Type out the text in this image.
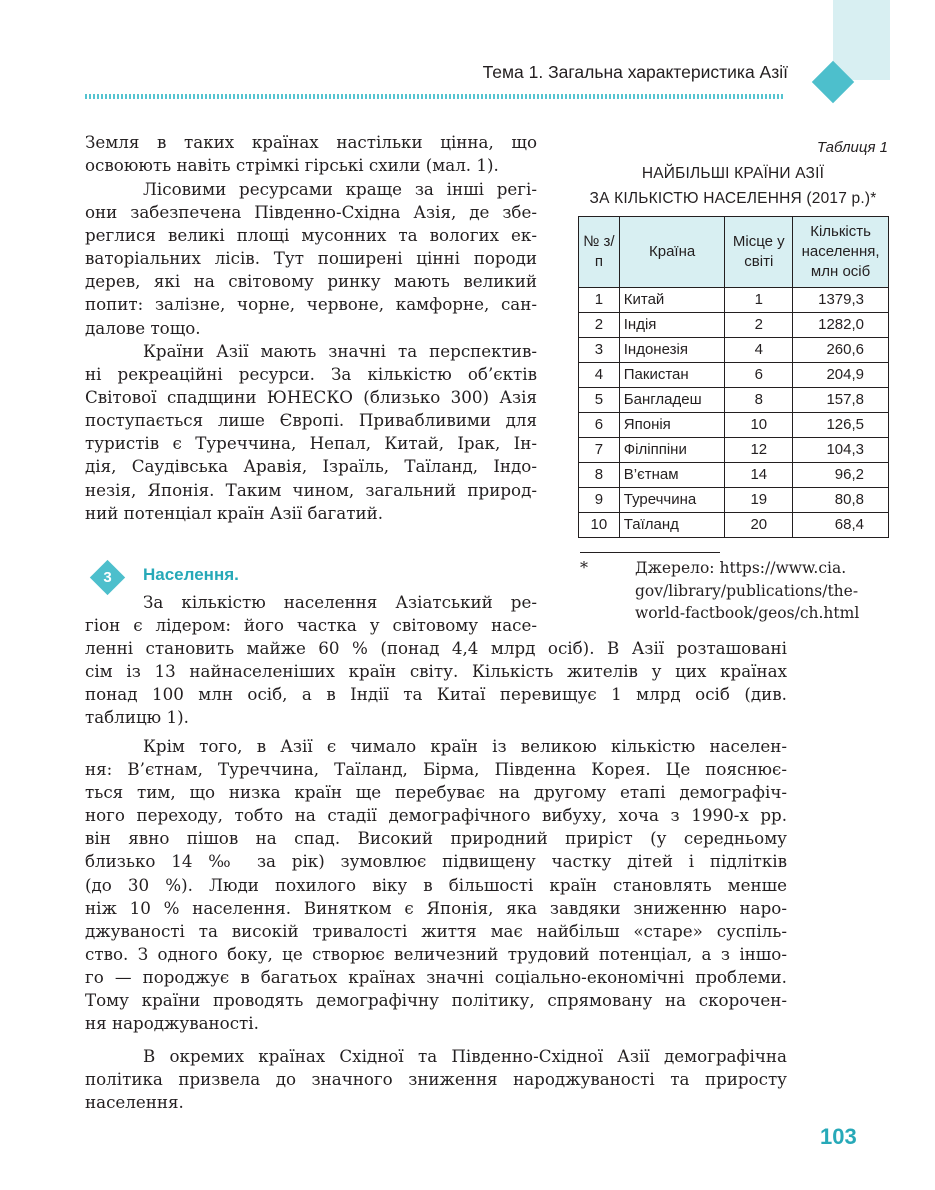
Тема 1. Загальна характеристика Азії
Земля в таких країнах настільки цінна, що
освоюють навіть стрімкі гірські схили (мал. 1).
Лісовими ресурсами краще за інші регі-
они забезпечена Південно-Східна Азія, де збе-
реглися великі площі мусонних та вологих ек-
ваторіальних лісів. Тут поширені цінні породи
дерев, які на світовому ринку мають великий
попит: залізне, чорне, червоне, камфорне, сан-
далове тощо.
Країни Азії мають значні та перспектив-
ні рекреаційні ресурси. За кількістю об’єктів
Світової спадщини ЮНЕСКО (близько 300) Азія
поступається лише Європі. Привабливими для
туристів є Туреччина, Непал, Китай, Ірак, Ін-
дія, Саудівська Аравія, Ізраїль, Таїланд, Індо-
незія, Японія. Таким чином, загальний природ-
ний потенціал країн Азії багатий.
Таблиця 1
НАЙБІЛЬШІ КРАЇНИ АЗІЇ
ЗА КІЛЬКІСТЮ НАСЕЛЕННЯ (2017 р.)*
№ з/п	Країна	Місце у світі	Кількість населення, млн осіб
1	Китай	1	1379,3
2	Індія	2	1282,0
3	Індонезія	4	260,6
4	Пакистан	6	204,9
5	Бангладеш	8	157,8
6	Японія	10	126,5
7	Філіппіни	12	104,3
8	В’єтнам	14	96,2
9	Туреччина	19	80,8
10	Таїланд	20	68,4
*	Джерело: https://www.cia.
gov/library/publications/the-
world-factbook/geos/ch.html
3	Населення.
За кількістю населення Азіатський ре-
гіон є лідером: його частка у світовому насе-
ленні становить майже 60 % (понад 4,4 млрд осіб). В Азії розташовані
сім із 13 найнаселеніших країн світу. Кількість жителів у цих країнах
понад 100 млн осіб, а в Індії та Китаї перевищує 1 млрд осіб (див.
таблицю 1).
Крім того, в Азії є чимало країн із великою кількістю населен-
ня: В’єтнам, Туреччина, Таїланд, Бірма, Південна Корея. Це пояснює-
ться тим, що низка країн ще перебуває на другому етапі демографіч-
ного переходу, тобто на стадії демографічного вибуху, хоча з 1990-х рр.
він явно пішов на спад. Високий природний приріст (у середньому
близько 14 ‰ за рік) зумовлює підвищену частку дітей і підлітків
(до 30 %). Люди похилого віку в більшості країн становлять менше
ніж 10 % населення. Винятком є Японія, яка завдяки зниженню наро-
джуваності та високій тривалості життя має найбільш «старе» суспіль-
ство. З одного боку, це створює величезний трудовий потенціал, а з іншо-
го — породжує в багатьох країнах значні соціально-економічні проблеми.
Тому країни проводять демографічну політику, спрямовану на скорочен-
ня народжуваності.
В окремих країнах Східної та Південно-Східної Азії демографічна
політика призвела до значного зниження народжуваності та приросту
населення.
103
